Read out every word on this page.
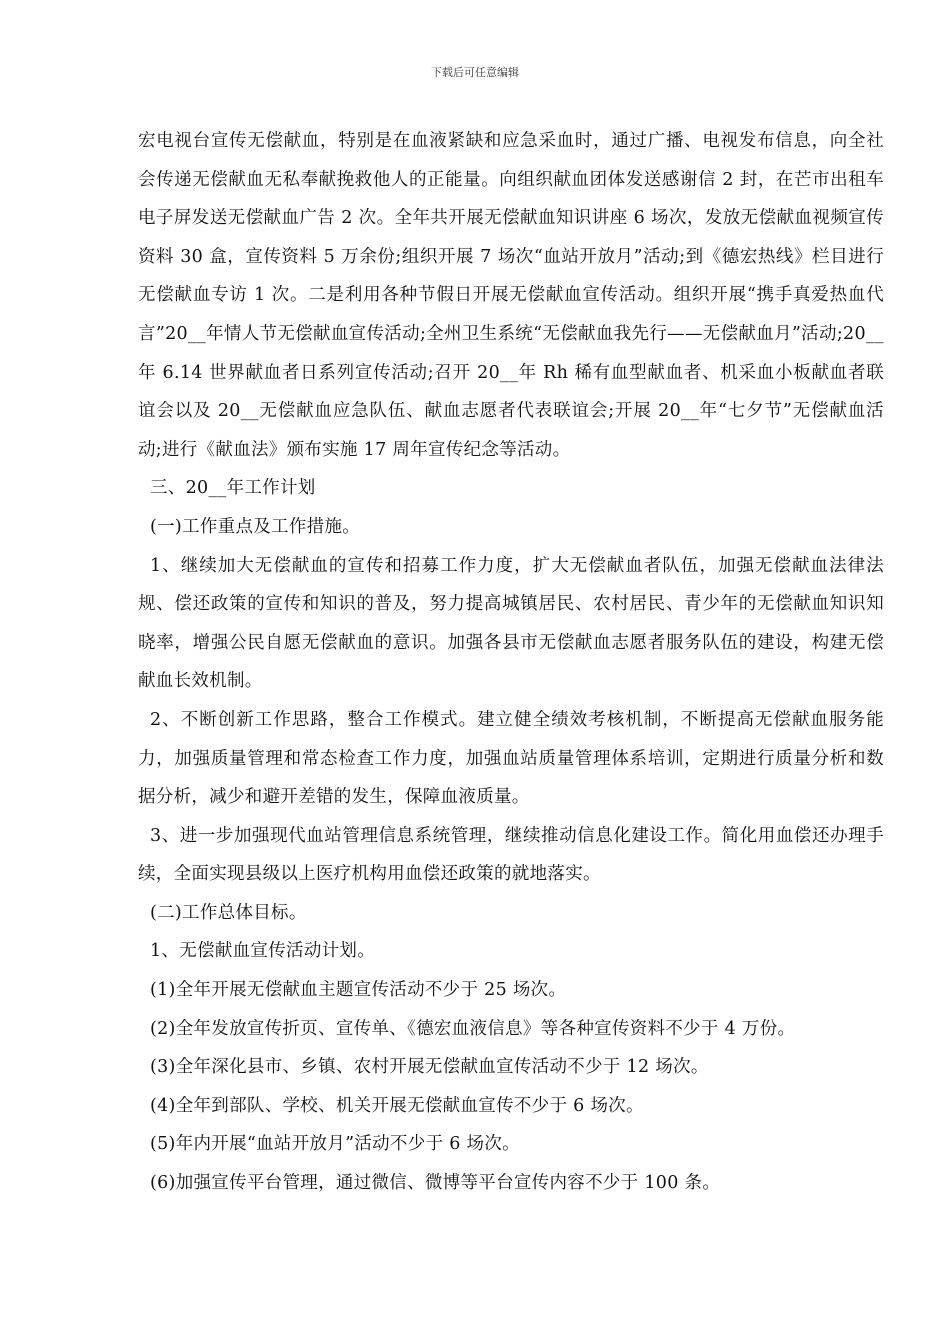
下载后可任意编辑

宏电视台宣传无偿献血，特别是在血液紧缺和应急采血时，通过广播、电视发布信息，向全社会传递无偿献血无私奉献挽救他人的正能量。向组织献血团体发送感谢信 2 封，在芒市出租车电子屏发送无偿献血广告 2 次。全年共开展无偿献血知识讲座 6 场次，发放无偿献血视频宣传资料 30 盒，宣传资料 5 万余份;组织开展 7 场次“血站开放月”活动;到《德宏热线》栏目进行无偿献血专访 1 次。二是利用各种节假日开展无偿献血宣传活动。组织开展“携手真爱热血代言”20__年情人节无偿献血宣传活动;全州卫生系统“无偿献血我先行——无偿献血月”活动;20__年 6.14 世界献血者日系列宣传活动;召开 20__年 Rh 稀有血型献血者、机采血小板献血者联谊会以及 20__无偿献血应急队伍、献血志愿者代表联谊会;开展 20__年“七夕节”无偿献血活动;进行《献血法》颁布实施 17 周年宣传纪念等活动。

三、20__年工作计划

(一)工作重点及工作措施。

1、继续加大无偿献血的宣传和招募工作力度，扩大无偿献血者队伍，加强无偿献血法律法规、偿还政策的宣传和知识的普及，努力提高城镇居民、农村居民、青少年的无偿献血知识知晓率，增强公民自愿无偿献血的意识。加强各县市无偿献血志愿者服务队伍的建设，构建无偿献血长效机制。

2、不断创新工作思路，整合工作模式。建立健全绩效考核机制，不断提高无偿献血服务能力，加强质量管理和常态检查工作力度，加强血站质量管理体系培训，定期进行质量分析和数据分析，减少和避开差错的发生，保障血液质量。

3、进一步加强现代血站管理信息系统管理，继续推动信息化建设工作。简化用血偿还办理手续，全面实现县级以上医疗机构用血偿还政策的就地落实。

(二)工作总体目标。

1、无偿献血宣传活动计划。

(1)全年开展无偿献血主题宣传活动不少于 25 场次。

(2)全年发放宣传折页、宣传单、《德宏血液信息》等各种宣传资料不少于 4 万份。

(3)全年深化县市、乡镇、农村开展无偿献血宣传活动不少于 12 场次。

(4)全年到部队、学校、机关开展无偿献血宣传不少于 6 场次。

(5)年内开展“血站开放月”活动不少于 6 场次。

(6)加强宣传平台管理，通过微信、微博等平台宣传内容不少于 100 条。
